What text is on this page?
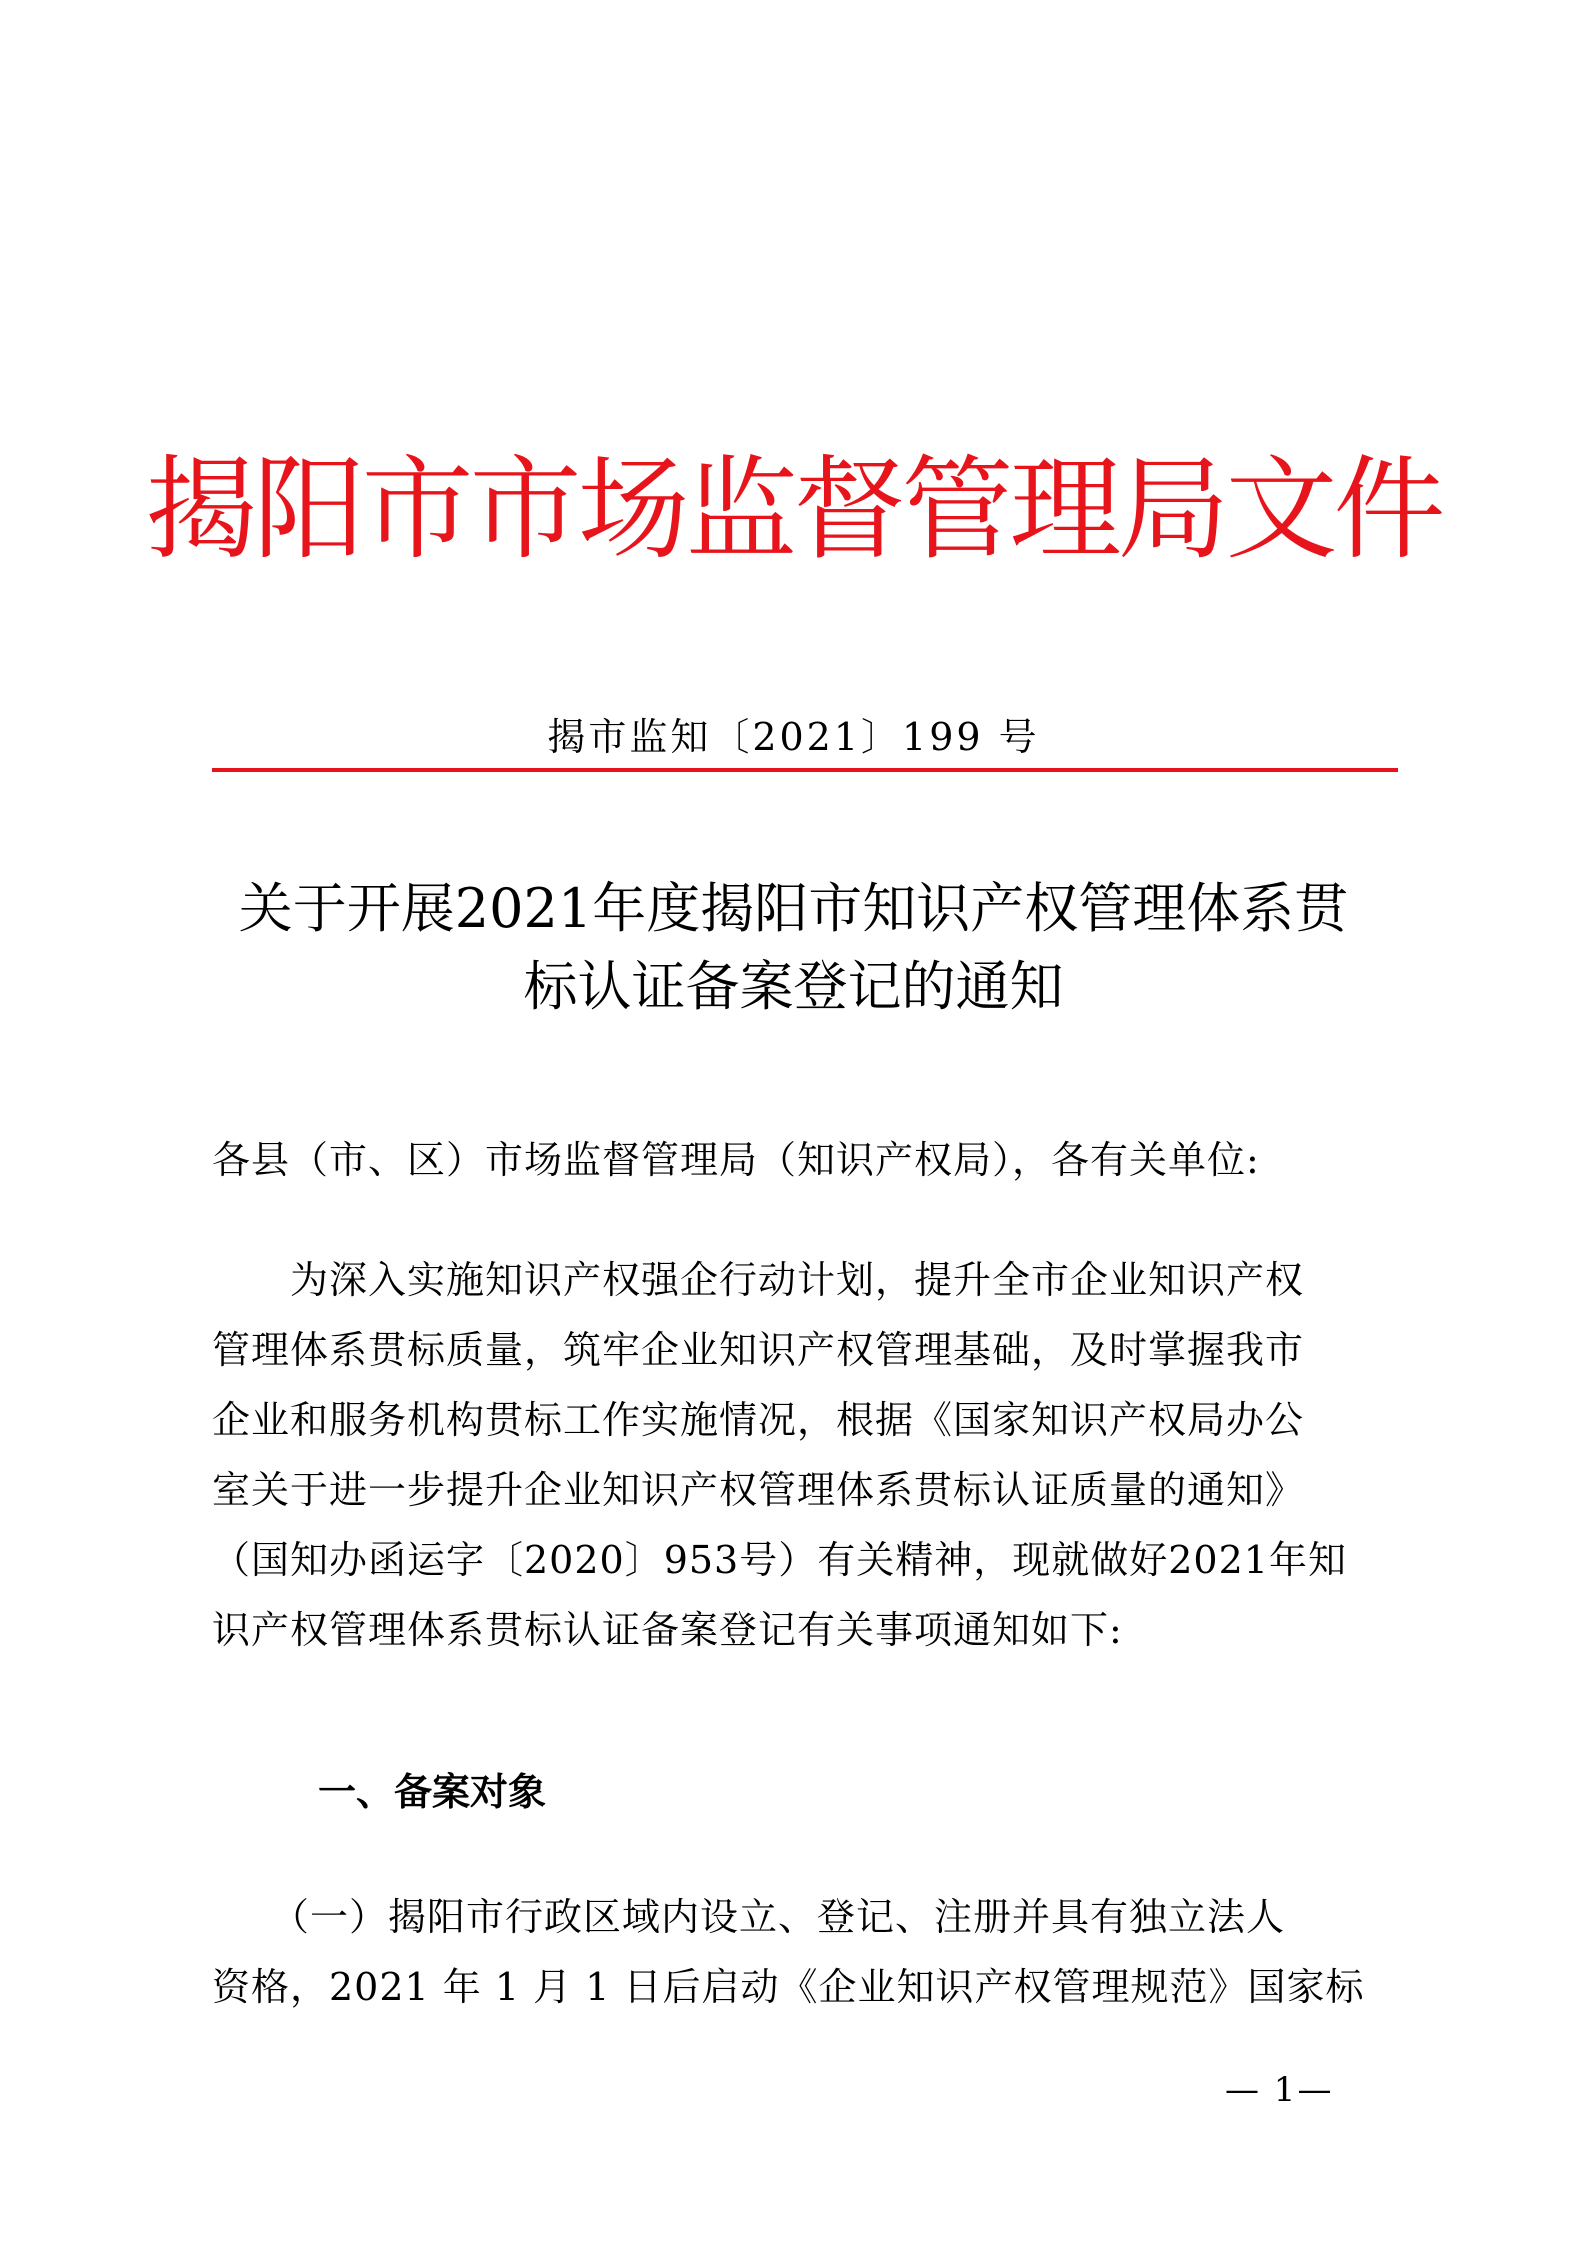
揭阳市市场监督管理局文件
揭市监知〔2021〕199 号
关于开展2021年度揭阳市知识产权管理体系贯
标认证备案登记的通知
各县（市、区）市场监督管理局（知识产权局），各有关单位:
　　为深入实施知识产权强企行动计划，提升全市企业知识产权
管理体系贯标质量，筑牢企业知识产权管理基础，及时掌握我市
企业和服务机构贯标工作实施情况，根据《国家知识产权局办公
室关于进一步提升企业知识产权管理体系贯标认证质量的通知》
（国知办函运字〔2020〕953号）有关精神，现就做好2021年知
识产权管理体系贯标认证备案登记有关事项通知如下:
一、备案对象
　　（一）揭阳市行政区域内设立、登记、注册并具有独立法人
资格，2021 年 1 月 1 日后启动《企业知识产权管理规范》国家标
— 1—
